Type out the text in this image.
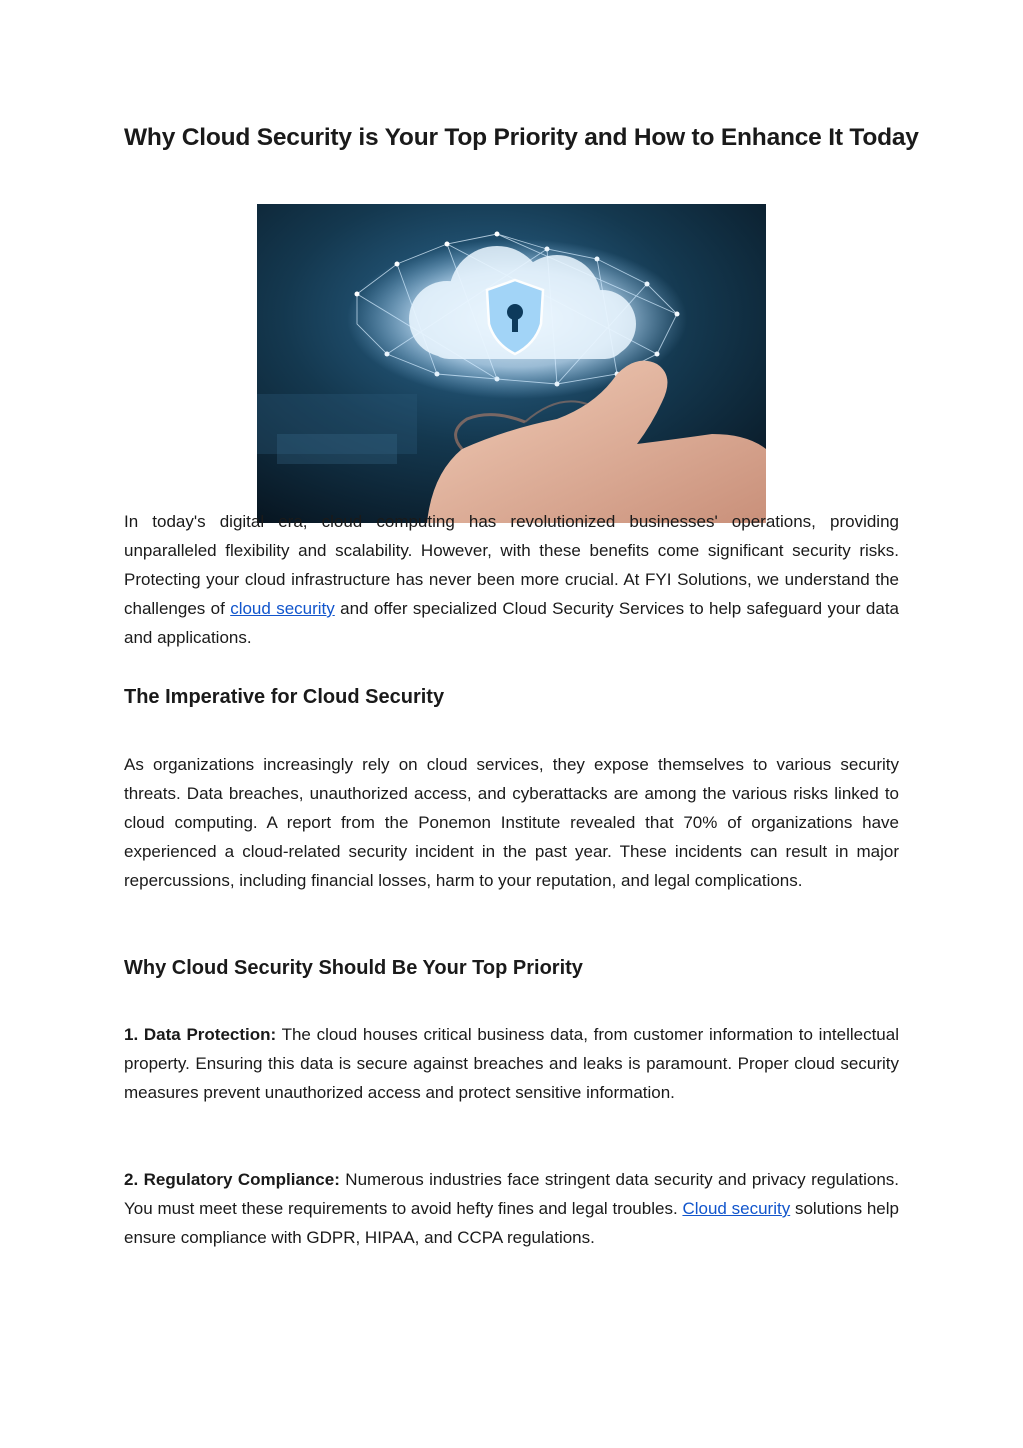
Why Cloud Security is Your Top Priority and How to Enhance It Today

In today's digital era, cloud computing has revolutionized businesses' operations, providing unparalleled flexibility and scalability. However, with these benefits come significant security risks. Protecting your cloud infrastructure has never been more crucial. At FYI Solutions, we understand the challenges of cloud security and offer specialized Cloud Security Services to help safeguard your data and applications.

The Imperative for Cloud Security

As organizations increasingly rely on cloud services, they expose themselves to various security threats. Data breaches, unauthorized access, and cyberattacks are among the various risks linked to cloud computing. A report from the Ponemon Institute revealed that 70% of organizations have experienced a cloud-related security incident in the past year. These incidents can result in major repercussions, including financial losses, harm to your reputation, and legal complications.

Why Cloud Security Should Be Your Top Priority

1. Data Protection: The cloud houses critical business data, from customer information to intellectual property. Ensuring this data is secure against breaches and leaks is paramount. Proper cloud security measures prevent unauthorized access and protect sensitive information.

2. Regulatory Compliance: Numerous industries face stringent data security and privacy regulations. You must meet these requirements to avoid hefty fines and legal troubles. Cloud security solutions help ensure compliance with GDPR, HIPAA, and CCPA regulations.
